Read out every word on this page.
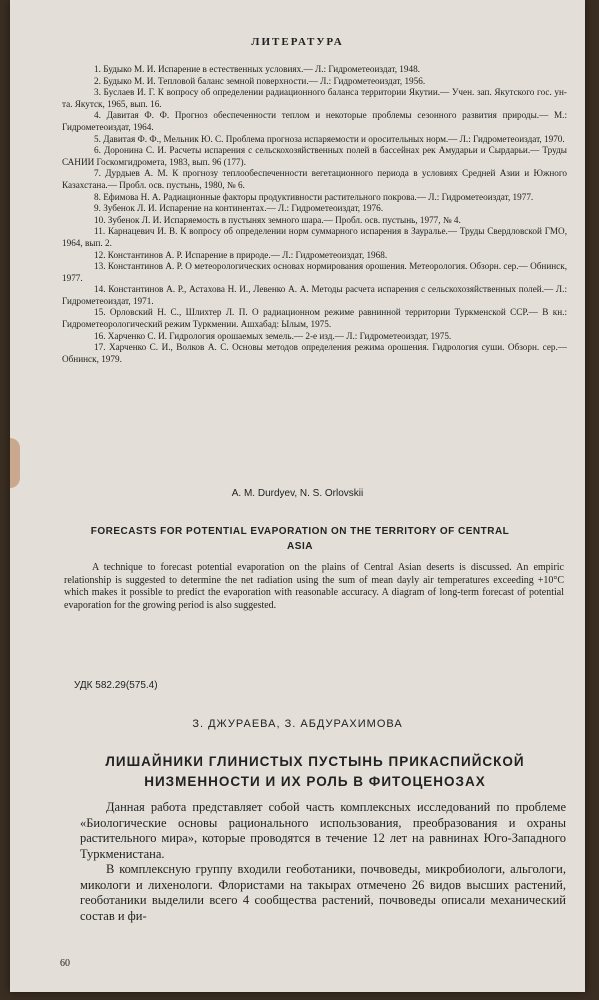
ЛИТЕРАТУРА

1. Будыко М. И. Испарение в естественных условиях.— Л.: Гидрометеоиздат, 1948.

2. Будыко М. И. Тепловой баланс земной поверхности.— Л.: Гидрометеоиздат, 1956.

3. Буслаев И. Г. К вопросу об определении радиационного баланса территории Якутии.— Учен. зап. Якутского гос. ун-та. Якутск, 1965, вып. 16.

4. Давитая Ф. Ф. Прогноз обеспеченности теплом и некоторые проблемы сезонного развития природы.— М.: Гидрометеоиздат, 1964.

5. Давитая Ф. Ф., Мельник Ю. С. Проблема прогноза испаряемости и оросительных норм.— Л.: Гидрометеоиздат, 1970.

6. Доронина С. И. Расчеты испарения с сельскохозяйственных полей в бассейнах рек Амударьи и Сырдарьи.— Труды САНИИ Госкомгидромета, 1983, вып. 96 (177).

7. Дурдыев А. М. К прогнозу теплообеспеченности вегетационного периода в условиях Средней Азии и Южного Казахстана.— Пробл. осв. пустынь, 1980, № 6.

8. Ефимова Н. А. Радиационные факторы продуктивности растительного покрова.— Л.: Гидрометеоиздат, 1977.

9. Зубенок Л. И. Испарение на континентах.— Л.: Гидрометеоиздат, 1976.

10. Зубенок Л. И. Испаряемость в пустынях земного шара.— Пробл. осв. пустынь, 1977, № 4.

11. Карнацевич И. В. К вопросу об определении норм суммарного испарения в Зауралье.— Труды Свердловской ГМО, 1964, вып. 2.

12. Константинов А. Р. Испарение в природе.— Л.: Гидрометеоиздат, 1968.

13. Константинов А. Р. О метеорологических основах нормирования орошения. Метеорология. Обзорн. сер.— Обнинск, 1977.

14. Константинов А. Р., Астахова Н. И., Левенко А. А. Методы расчета испарения с сельскохозяйственных полей.— Л.: Гидрометеоиздат, 1971.

15. Орловский Н. С., Шлихтер Л. П. О радиационном режиме равнинной территории Туркменской ССР.— В кн.: Гидрометеорологический режим Туркмении. Ашхабад: Ылым, 1975.

16. Харченко С. И. Гидрология орошаемых земель.— 2-е изд.— Л.: Гидрометеоиздат, 1975.

17. Харченко С. И., Волков А. С. Основы методов определения режима орошения. Гидрология суши. Обзорн. сер.— Обнинск, 1979.

A. M. Durdyev, N. S. Orlovskii
FORECASTS FOR POTENTIAL EVAPORATION ON THE TERRITORY OF CENTRAL ASIA
A technique to forecast potential evaporation on the plains of Central Asian deserts is discussed. An empiric relationship is suggested to determine the net radiation using the sum of mean dayly air temperatures exceeding +10°C which makes it possible to predict the evaporation with reasonable accuracy. A diagram of long-term forecast of potential evaporation for the growing period is also suggested.
УДК 582.29(575.4)
З. ДЖУРАЕВА, З. АБДУРАХИМОВА
ЛИШАЙНИКИ ГЛИНИСТЫХ ПУСТЫНЬ ПРИКАСПИЙСКОЙ НИЗМЕННОСТИ И ИХ РОЛЬ В ФИТОЦЕНОЗАХ

Данная работа представляет собой часть комплексных исследований по проблеме «Биологические основы рационального использования, преобразования и охраны растительного мира», которые проводятся в течение 12 лет на равнинах Юго-Западного Туркменистана.

В комплексную группу входили геоботаники, почвоведы, микробиологи, альгологи, микологи и лихенологи. Флористами на такырах отмечено 26 видов высших растений, геоботаники выделили всего 4 сообщества растений, почвоведы описали механический состав и фи-

60
